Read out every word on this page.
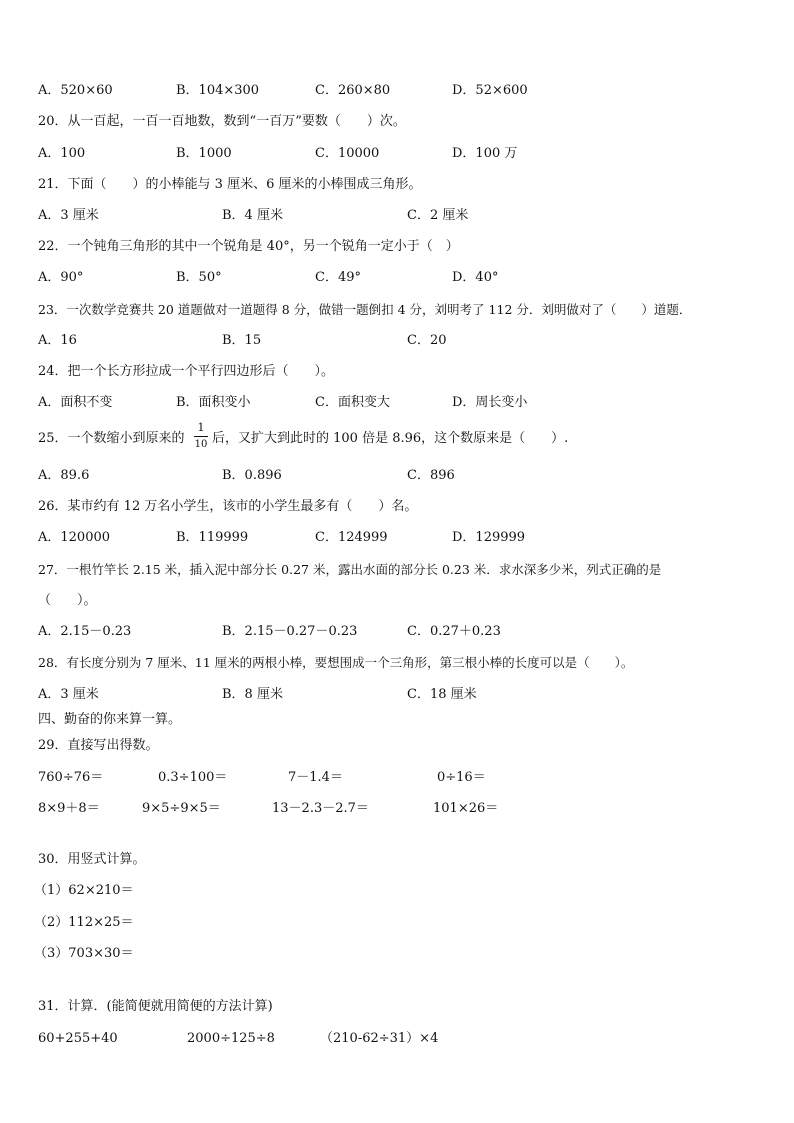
A．520×60	B．104×300	C．260×80	D．52×600
20．从一百起，一百一百地数，数到“一百万”要数（　　）次。
A．100	B．1000	C．10000	D．100 万
21．下面（　　）的小棒能与 3 厘米、6 厘米的小棒围成三角形。
A．3 厘米	B．4 厘米	C．2 厘米
22．一个钝角三角形的其中一个锐角是 40°，另一个锐角一定小于（　）
A．90°	B．50°	C．49°	D．40°
23．一次数学竞赛共 20 道题做对一道题得 8 分，做错一题倒扣 4 分，刘明考了 112 分．刘明做对了（　　）道题．
A．16	B．15	C．20
24．把一个长方形拉成一个平行四边形后（　　）。
A．面积不变	B．面积变小	C．面积变大	D．周长变小
25．一个数缩小到原来的
1
10 后，又扩大到此时的 100 倍是 8.96，这个数原来是（　　）.
A．89.6	B．0.896	C．896
26．某市约有 12 万名小学生，该市的小学生最多有（　　）名。
A．120000	B．119999	C．124999	D．129999
27．一根竹竿长 2.15 米，插入泥中部分长 0.27 米，露出水面的部分长 0.23 米．求水深多少米，列式正确的是
（　　）。
A．2.15－0.23	B．2.15－0.27－0.23	C．0.27＋0.23
28．有长度分别为 7 厘米、11 厘米的两根小棒，要想围成一个三角形，第三根小棒的长度可以是（　　）。
A．3 厘米	B．8 厘米	C．18 厘米
四、勤奋的你来算一算。
29．直接写出得数。
760÷76＝	0.3÷100＝	7－1.4＝	0÷16＝
8×9＋8＝	9×5÷9×5＝	13－2.3－2.7＝	101×26＝
30．用竖式计算。
（1）62×210＝
（2）112×25＝
（3）703×30＝
31．计算．(能简便就用简便的方法计算)
60+255+40	2000÷125÷8	（210-62÷31）×4
